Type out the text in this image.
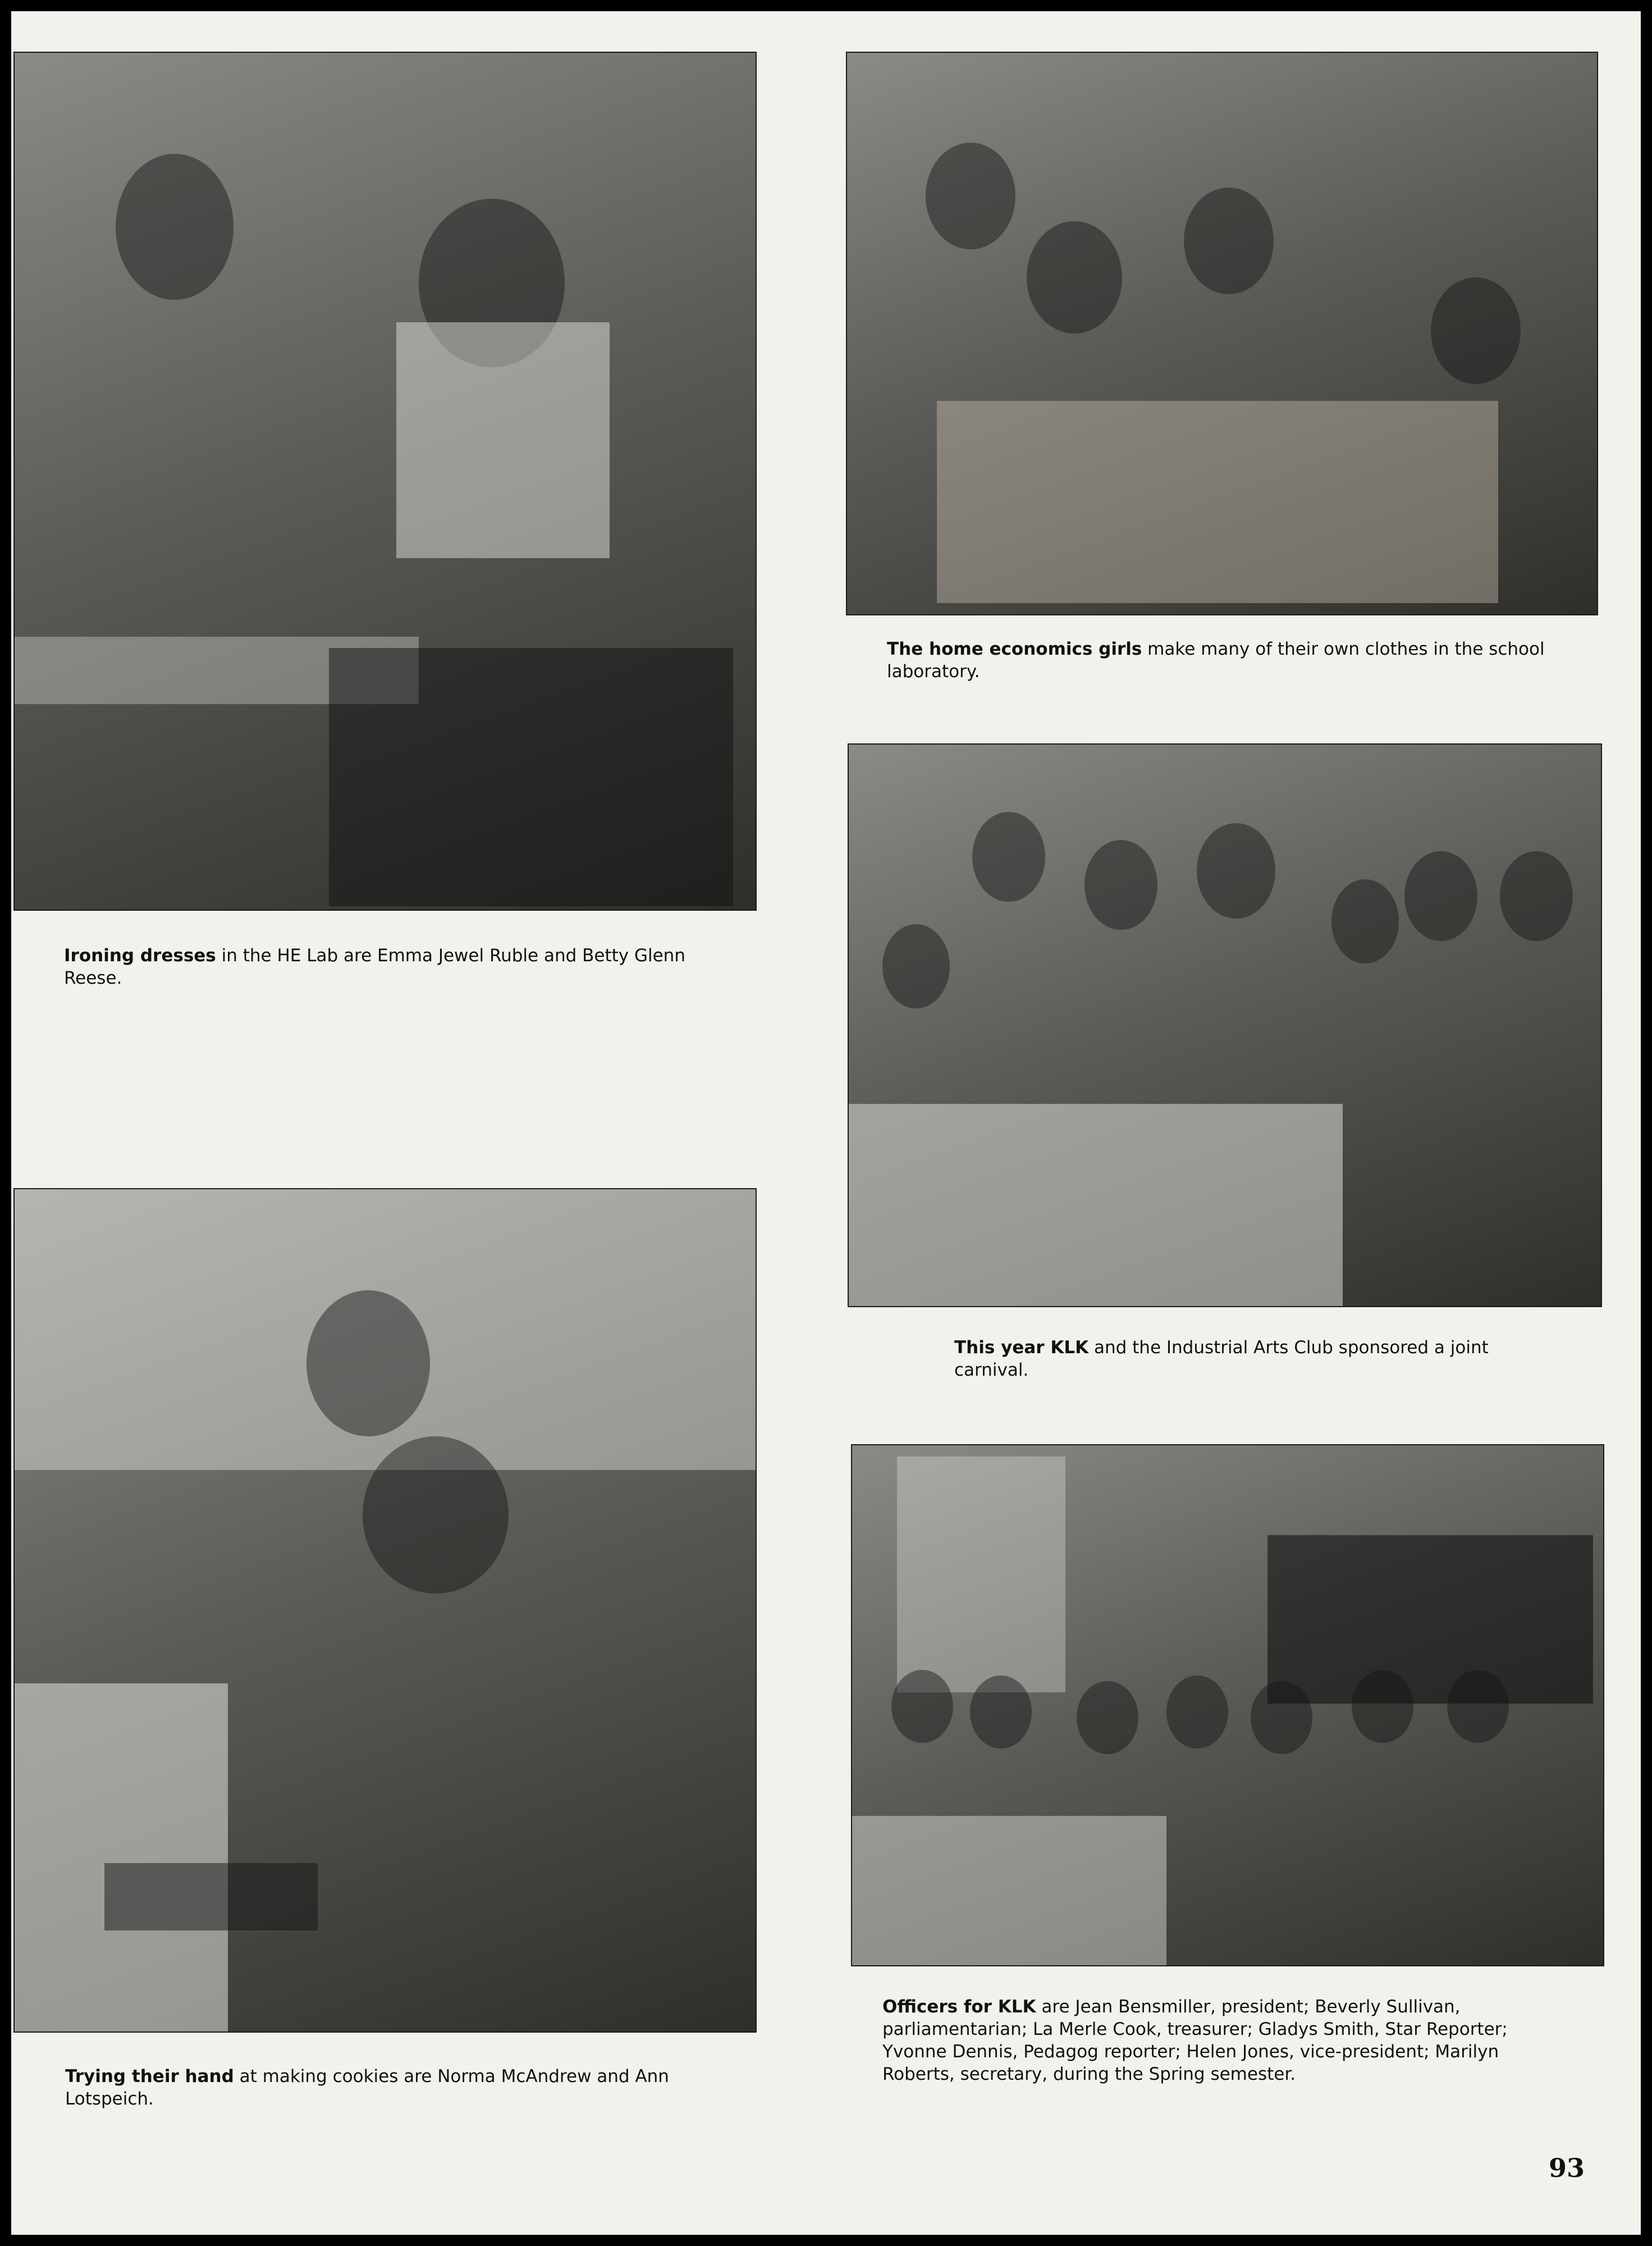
Ironing dresses in the HE Lab are Emma Jewel Ruble and Betty Glenn Reese.

The home economics girls make many of their own clothes in the school laboratory.

This year KLK and the Industrial Arts Club sponsored a joint carnival.

Trying their hand at making cookies are Norma McAndrew and Ann Lotspeich.

Officers for KLK are Jean Bensmiller, president; Beverly Sullivan, parliamentarian; La Merle Cook, treasurer; Gladys Smith, Star Reporter; Yvonne Dennis, Pedagog reporter; Helen Jones, vice-president; Marilyn Roberts, secretary, during the Spring semester.

93
